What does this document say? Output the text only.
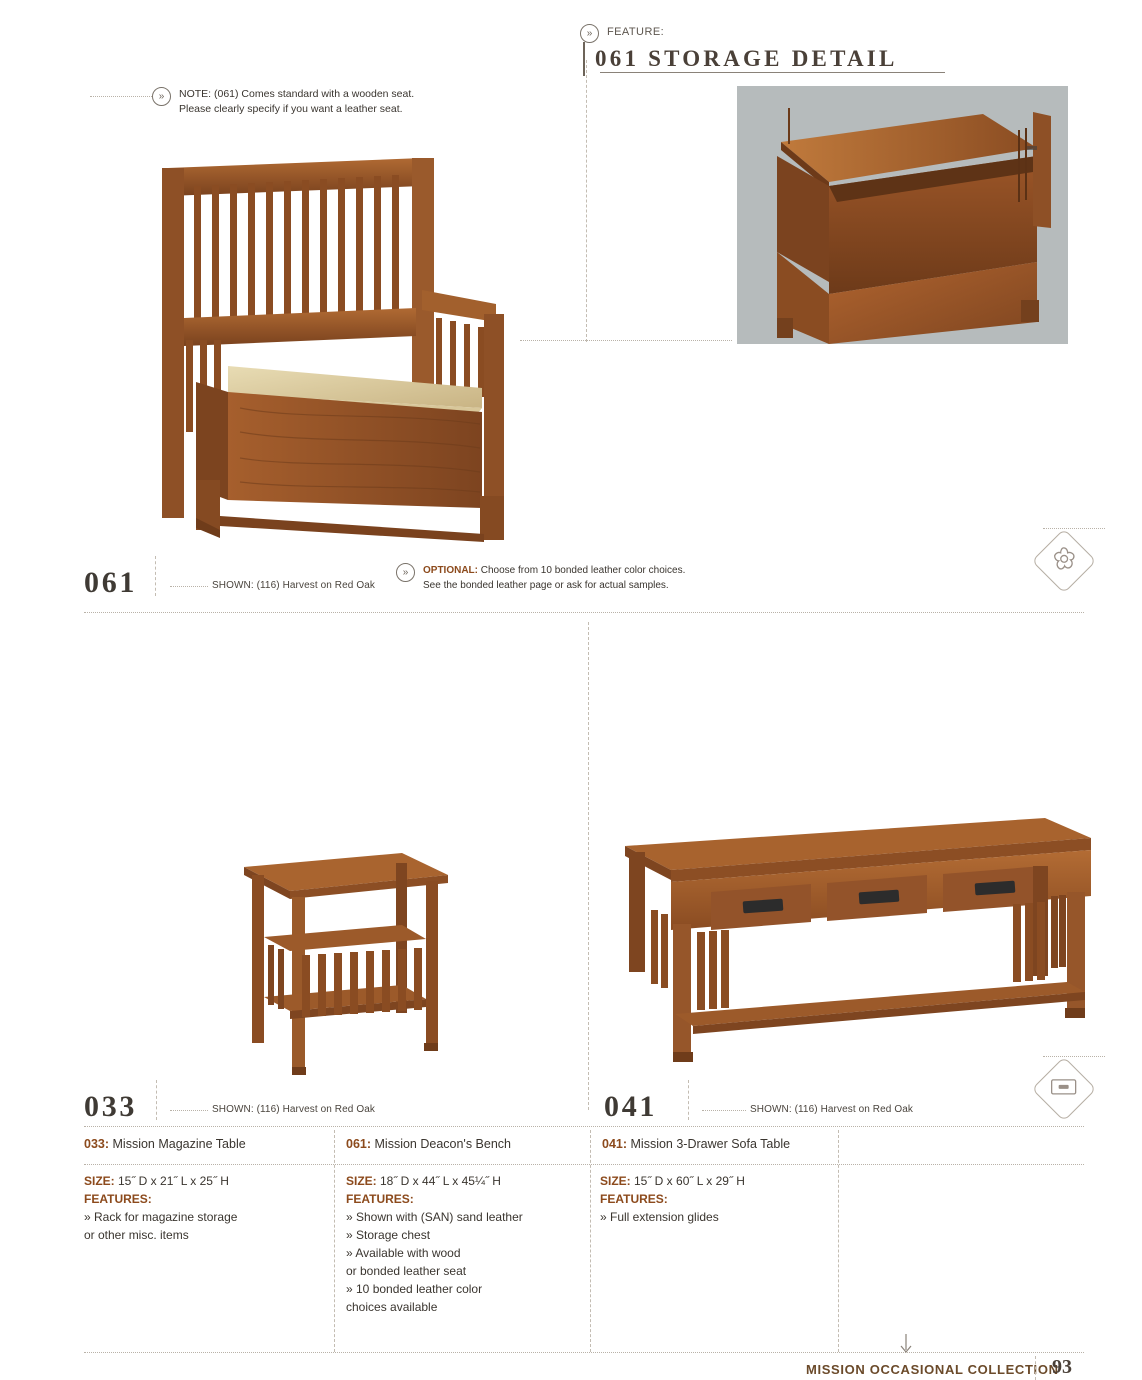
»	FEATURE:
061 STORAGE DETAIL
»	NOTE: (061) Comes standard with a wooden seat.
Please clearly specify if you want a leather seat.
061	SHOWN: (116) Harvest on Red Oak
»	OPTIONAL: Choose from 10 bonded leather color choices.
See the bonded leather page or ask for actual samples.
033	SHOWN: (116) Harvest on Red Oak	041	SHOWN: (116) Harvest on Red Oak
033: Mission Magazine Table	061: Mission Deacon's Bench	041: Mission 3-Drawer Sofa Table
SIZE: 15˝ D x 21˝ L x 25˝ H
FEATURES:
» Rack for magazine storage
or other misc. items
SIZE: 18˝ D x 44˝ L x 45¼˝ H
FEATURES:
» Shown with (SAN) sand leather
» Storage chest
» Available with wood
or bonded leather seat
» 10 bonded leather color
choices available
SIZE: 15˝ D x 60˝ L x 29˝ H
FEATURES:
» Full extension glides
MISSION OCCASIONAL COLLECTION
93
